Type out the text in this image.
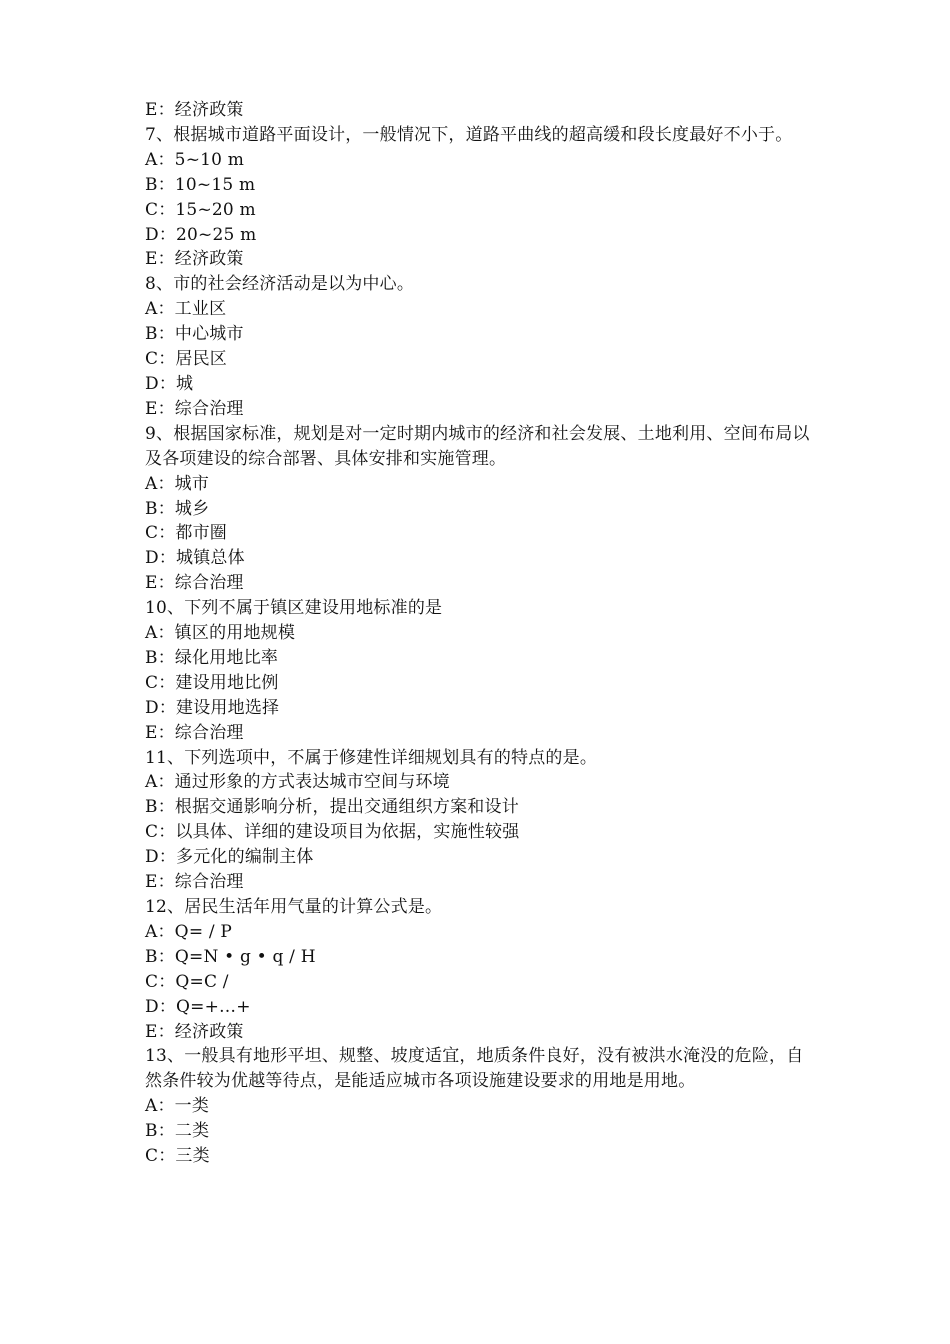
E：经济政策
7、根据城市道路平面设计，一般情况下，道路平曲线的超高缓和段长度最好不小于。
A：5~10 m
B：10~15 m
C：15~20 m
D：20~25 m
E：经济政策
8、市的社会经济活动是以为中心。
A：工业区
B：中心城市
C：居民区
D：城
E：综合治理
9、根据国家标准，规划是对一定时期内城市的经济和社会发展、土地利用、空间布局以及各项建设的综合部署、具体安排和实施管理。
A：城市
B：城乡
C：都市圈
D：城镇总体
E：综合治理
10、下列不属于镇区建设用地标准的是
A：镇区的用地规模
B：绿化用地比率
C：建设用地比例
D：建设用地选择
E：综合治理
11、下列选项中，不属于修建性详细规划具有的特点的是。
A：通过形象的方式表达城市空间与环境
B：根据交通影响分析，提出交通组织方案和设计
C：以具体、详细的建设项目为依据，实施性较强
D：多元化的编制主体
E：综合治理
12、居民生活年用气量的计算公式是。
A：Q= / P
B：Q=N • g • q / H
C：Q=C /
D：Q=+…+
E：经济政策
13、一般具有地形平坦、规整、坡度适宜，地质条件良好，没有被洪水淹没的危险，自然条件较为优越等待点，是能适应城市各项设施建设要求的用地是用地。
A：一类
B：二类
C：三类
